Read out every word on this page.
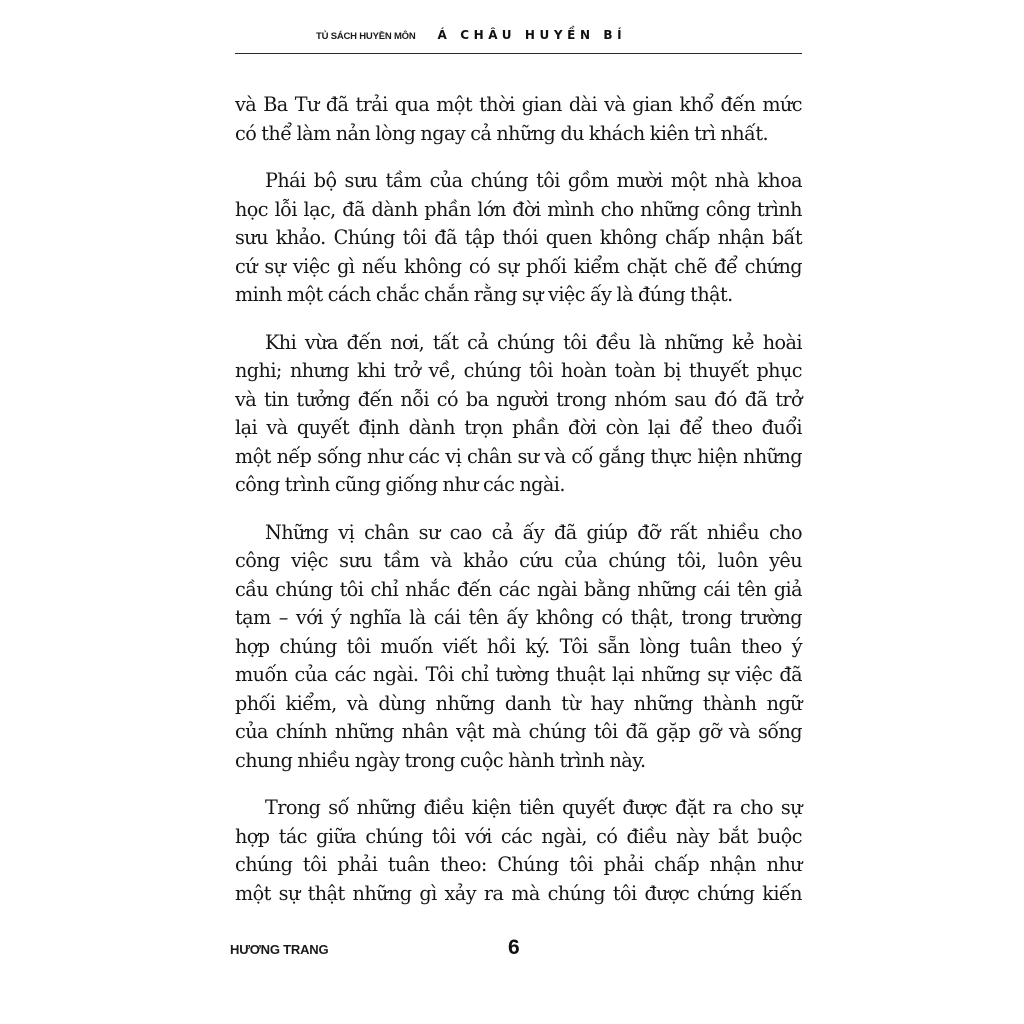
TỦ SÁCH HUYỀN MÔN Á CHÂU HUYỀN BÍ
và Ba Tư đã trải qua một thời gian dài và gian khổ đến mức
có thể làm nản lòng ngay cả những du khách kiên trì nhất.
Phái bộ sưu tầm của chúng tôi gồm mười một nhà khoa
học lỗi lạc, đã dành phần lớn đời mình cho những công trình
sưu khảo. Chúng tôi đã tập thói quen không chấp nhận bất
cứ sự việc gì nếu không có sự phối kiểm chặt chẽ để chứng
minh một cách chắc chắn rằng sự việc ấy là đúng thật.
Khi vừa đến nơi, tất cả chúng tôi đều là những kẻ hoài
nghi; nhưng khi trở về, chúng tôi hoàn toàn bị thuyết phục
và tin tưởng đến nỗi có ba người trong nhóm sau đó đã trở
lại và quyết định dành trọn phần đời còn lại để theo đuổi
một nếp sống như các vị chân sư và cố gắng thực hiện những
công trình cũng giống như các ngài.
Những vị chân sư cao cả ấy đã giúp đỡ rất nhiều cho
công việc sưu tầm và khảo cứu của chúng tôi, luôn yêu
cầu chúng tôi chỉ nhắc đến các ngài bằng những cái tên giả
tạm – với ý nghĩa là cái tên ấy không có thật, trong trường
hợp chúng tôi muốn viết hồi ký. Tôi sẵn lòng tuân theo ý
muốn của các ngài. Tôi chỉ tường thuật lại những sự việc đã
phối kiểm, và dùng những danh từ hay những thành ngữ
của chính những nhân vật mà chúng tôi đã gặp gỡ và sống
chung nhiều ngày trong cuộc hành trình này.
Trong số những điều kiện tiên quyết được đặt ra cho sự
hợp tác giữa chúng tôi với các ngài, có điều này bắt buộc
chúng tôi phải tuân theo: Chúng tôi phải chấp nhận như
một sự thật những gì xảy ra mà chúng tôi được chứng kiến
HƯƠNG TRANG	6
